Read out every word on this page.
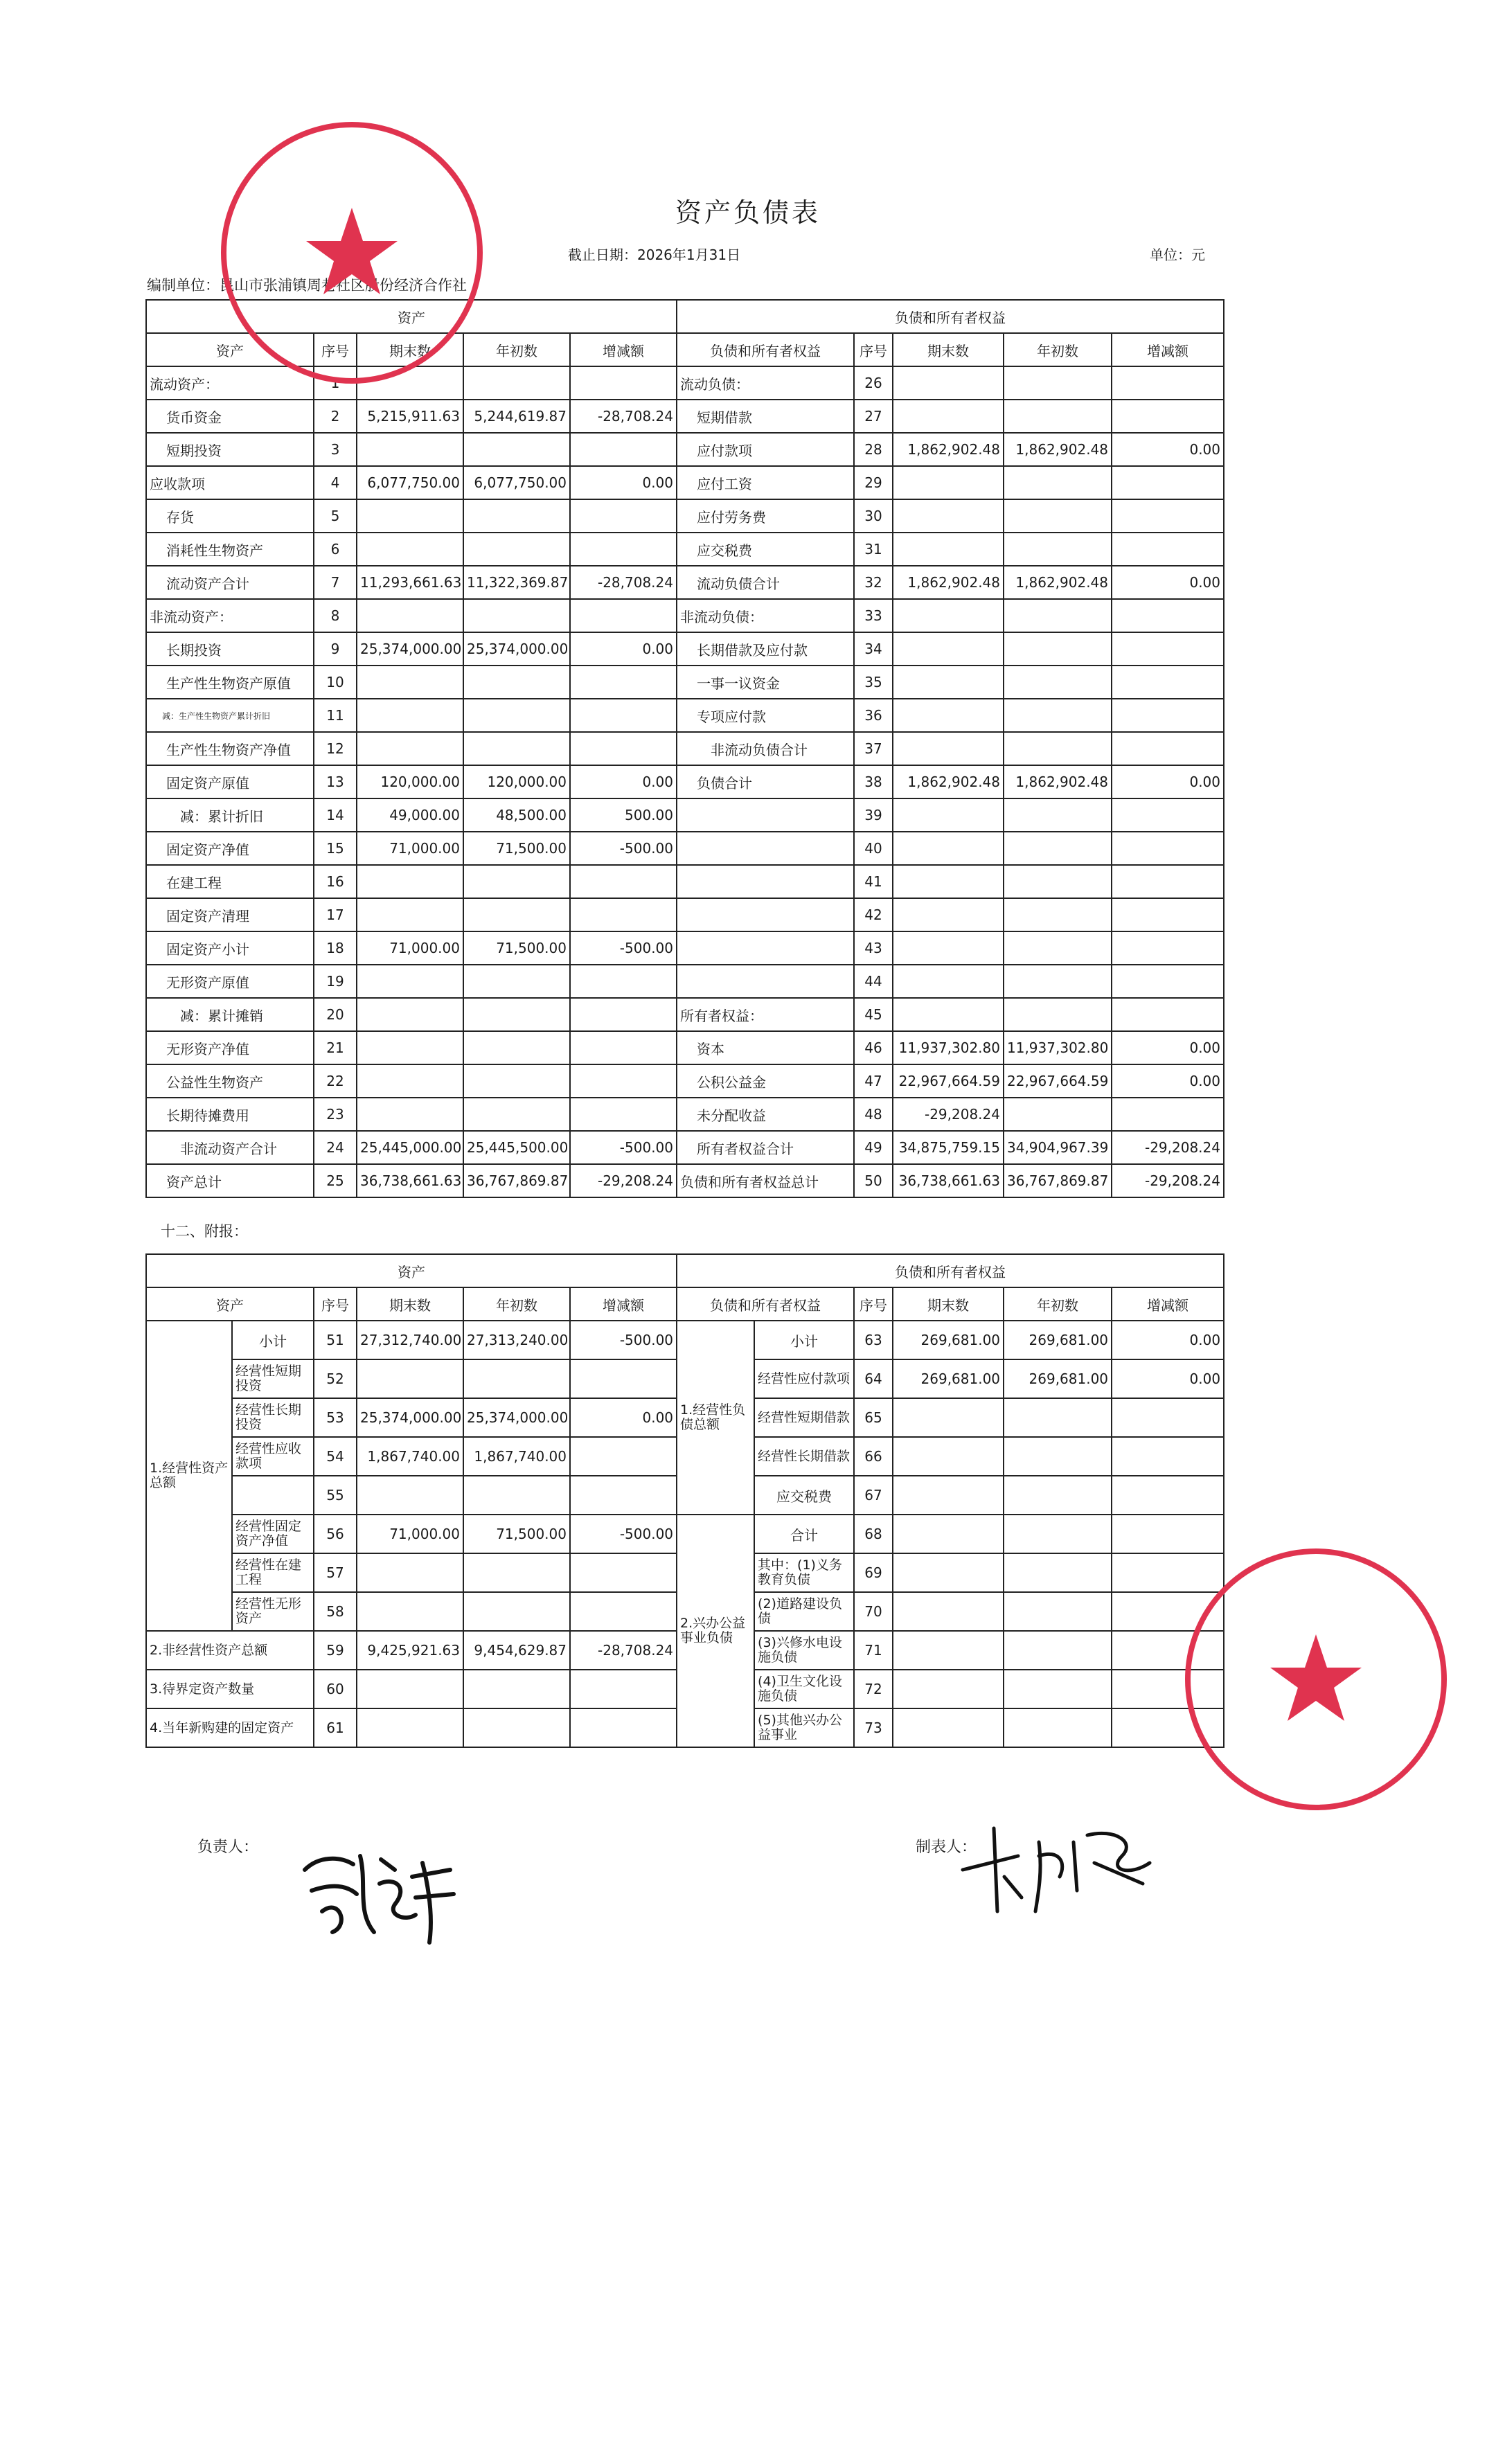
资产负债表
截止日期：2026年1月31日	单位：元
编制单位：昆山市张浦镇周巷社区股份经济合作社
资产					负债和所有者权益				
资产	序号	期末数	年初数	增减额	负债和所有者权益	序号	期末数	年初数	增减额
流动资产：	1				流动负债：	26			
货币资金	2	5,215,911.63	5,244,619.87	-28,708.24	短期借款	27			
短期投资	3				应付款项	28	1,862,902.48	1,862,902.48	0.00
应收款项	4	6,077,750.00	6,077,750.00	0.00	应付工资	29			
存货	5				应付劳务费	30			
消耗性生物资产	6				应交税费	31			
流动资产合计	7	11,293,661.63	11,322,369.87	-28,708.24	流动负债合计	32	1,862,902.48	1,862,902.48	0.00
非流动资产：	8				非流动负债：	33			
长期投资	9	25,374,000.00	25,374,000.00	0.00	长期借款及应付款	34			
生产性生物资产原值	10				一事一议资金	35			
减：生产性生物资产累计折旧	11				专项应付款	36			
生产性生物资产净值	12				非流动负债合计	37			
固定资产原值	13	120,000.00	120,000.00	0.00	负债合计	38	1,862,902.48	1,862,902.48	0.00
减：累计折旧	14	49,000.00	48,500.00	500.00		39			
固定资产净值	15	71,000.00	71,500.00	-500.00		40			
在建工程	16					41			
固定资产清理	17					42			
固定资产小计	18	71,000.00	71,500.00	-500.00		43			
无形资产原值	19					44			
减：累计摊销	20				所有者权益：	45			
无形资产净值	21				资本	46	11,937,302.80	11,937,302.80	0.00
公益性生物资产	22				公积公益金	47	22,967,664.59	22,967,664.59	0.00
长期待摊费用	23				未分配收益	48	-29,208.24		
非流动资产合计	24	25,445,000.00	25,445,500.00	-500.00	所有者权益合计	49	34,875,759.15	34,904,967.39	-29,208.24
资产总计	25	36,738,661.63	36,767,869.87	-29,208.24	负债和所有者权益总计	50	36,738,661.63	36,767,869.87	-29,208.24
十二、附报：
资产						负债和所有者权益					
资产		序号	期末数	年初数	增减额	负债和所有者权益		序号	期末数	年初数	增减额
1.经营性资产总额	小计	51	27,312,740.00	27,313,240.00	-500.00	1.经营性负债总额	小计	63	269,681.00	269,681.00	0.00
	经营性短期投资	52					经营性应付款项	64	269,681.00	269,681.00	0.00
	经营性长期投资	53	25,374,000.00	25,374,000.00	0.00		经营性短期借款	65			
	经营性应收款项	54	1,867,740.00	1,867,740.00			经营性长期借款	66			
		55					应交税费	67			
	经营性固定资产净值	56	71,000.00	71,500.00	-500.00	2.兴办公益事业负债	合计	68			
	经营性在建工程	57					其中：(1)义务教育负债	69			
	经营性无形资产	58					(2)道路建设负债	70			
2.非经营性资产总额		59	9,425,921.63	9,454,629.87	-28,708.24		(3)兴修水电设施负债	71			
3.待界定资产数量		60					(4)卫生文化设施负债	72			
4.当年新购建的固定资产		61					(5)其他兴办公益事业	73			
负责人：	制表人：
